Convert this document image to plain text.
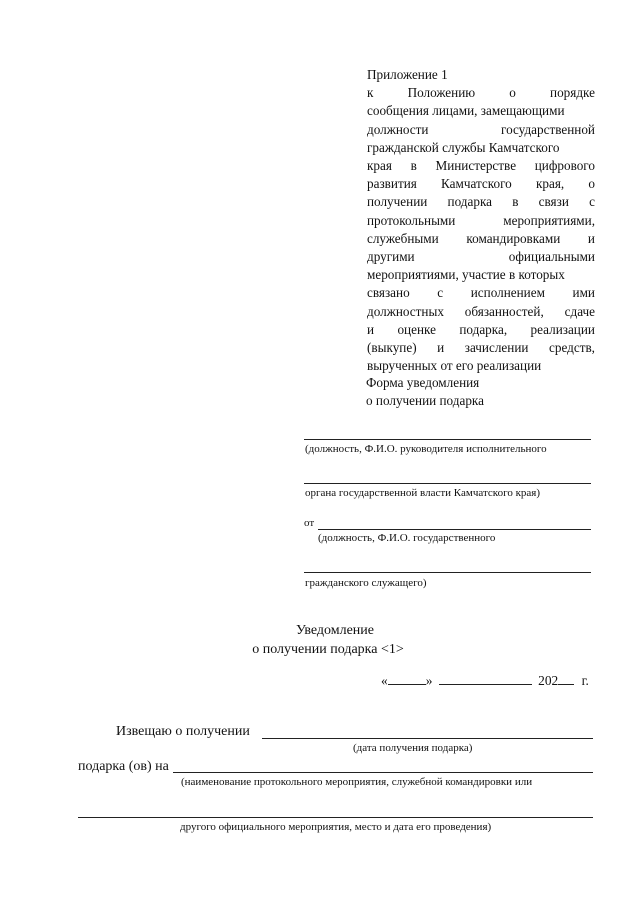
Приложение 1
к	Положению	о	порядке
сообщения лицами, замещающими
должности	государственной
гражданской службы Камчатского
края в Министерстве цифрового
развития Камчатского края, о
получении подарка в связи с
протокольными	мероприятиями,
служебными командировками и
другими	официальными
мероприятиями, участие в которых
связано с исполнением ими
должностных обязанностей, сдаче
и оценке подарка, реализации
(выкупе) и зачислении средств,
вырученных от его реализации
Форма уведомления
о получении подарка
(должность, Ф.И.О. руководителя исполнительного
органа государственной власти Камчатского края)
от
(должность, Ф.И.О. государственного
гражданского служащего)
Уведомление
о получении подарка <1>
«	»	202 г.
Извещаю о получении
(дата получения подарка)
подарка (ов) на
(наименование протокольного мероприятия, служебной командировки или
другого официального мероприятия, место и дата его проведения)
